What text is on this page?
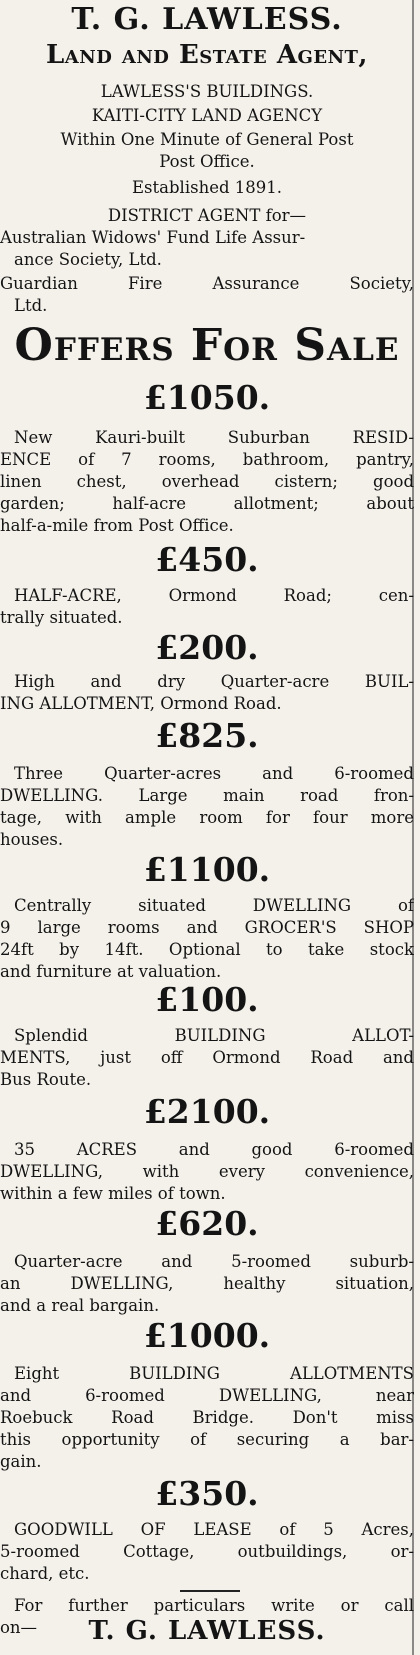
T. G. LAWLESS.
Land and Estate Agent,
LAWLESS'S BUILDINGS.
KAITI-CITY LAND AGENCY
Within One Minute of General Post
Post Office.
Established 1891.
DISTRICT AGENT for—
Australian Widows' Fund Life Assur-
ance Society, Ltd.
Guardian Fire Assurance Society,
Ltd.
Offers For Sale
£1050.
New Kauri-built Suburban RESID-
ENCE of 7 rooms, bathroom, pantry,
linen chest, overhead cistern; good
garden; half-acre allotment; about
half-a-mile from Post Office.
£450.
HALF-ACRE, Ormond Road; cen-
trally situated.
£200.
High and dry Quarter-acre BUIL-
ING ALLOTMENT, Ormond Road.
£825.
Three Quarter-acres and 6-roomed
DWELLING. Large main road fron-
tage, with ample room for four more
houses.
£1100.
Centrally situated DWELLING of
9 large rooms and GROCER'S SHOP
24ft by 14ft. Optional to take stock
and furniture at valuation.
£100.
Splendid BUILDING ALLOT-
MENTS, just off Ormond Road and
Bus Route.
£2100.
35 ACRES and good 6-roomed
DWELLING, with every convenience,
within a few miles of town.
£620.
Quarter-acre and 5-roomed suburb-
an DWELLING, healthy situation,
and a real bargain.
£1000.
Eight BUILDING ALLOTMENTS
and 6-roomed DWELLING, near
Roebuck Road Bridge. Don't miss
this opportunity of securing a bar-
gain.
£350.
GOODWILL OF LEASE of 5 Acres,
5-roomed Cottage, outbuildings, or-
chard, etc.
For further particulars write or call
on—	T. G. LAWLESS.
